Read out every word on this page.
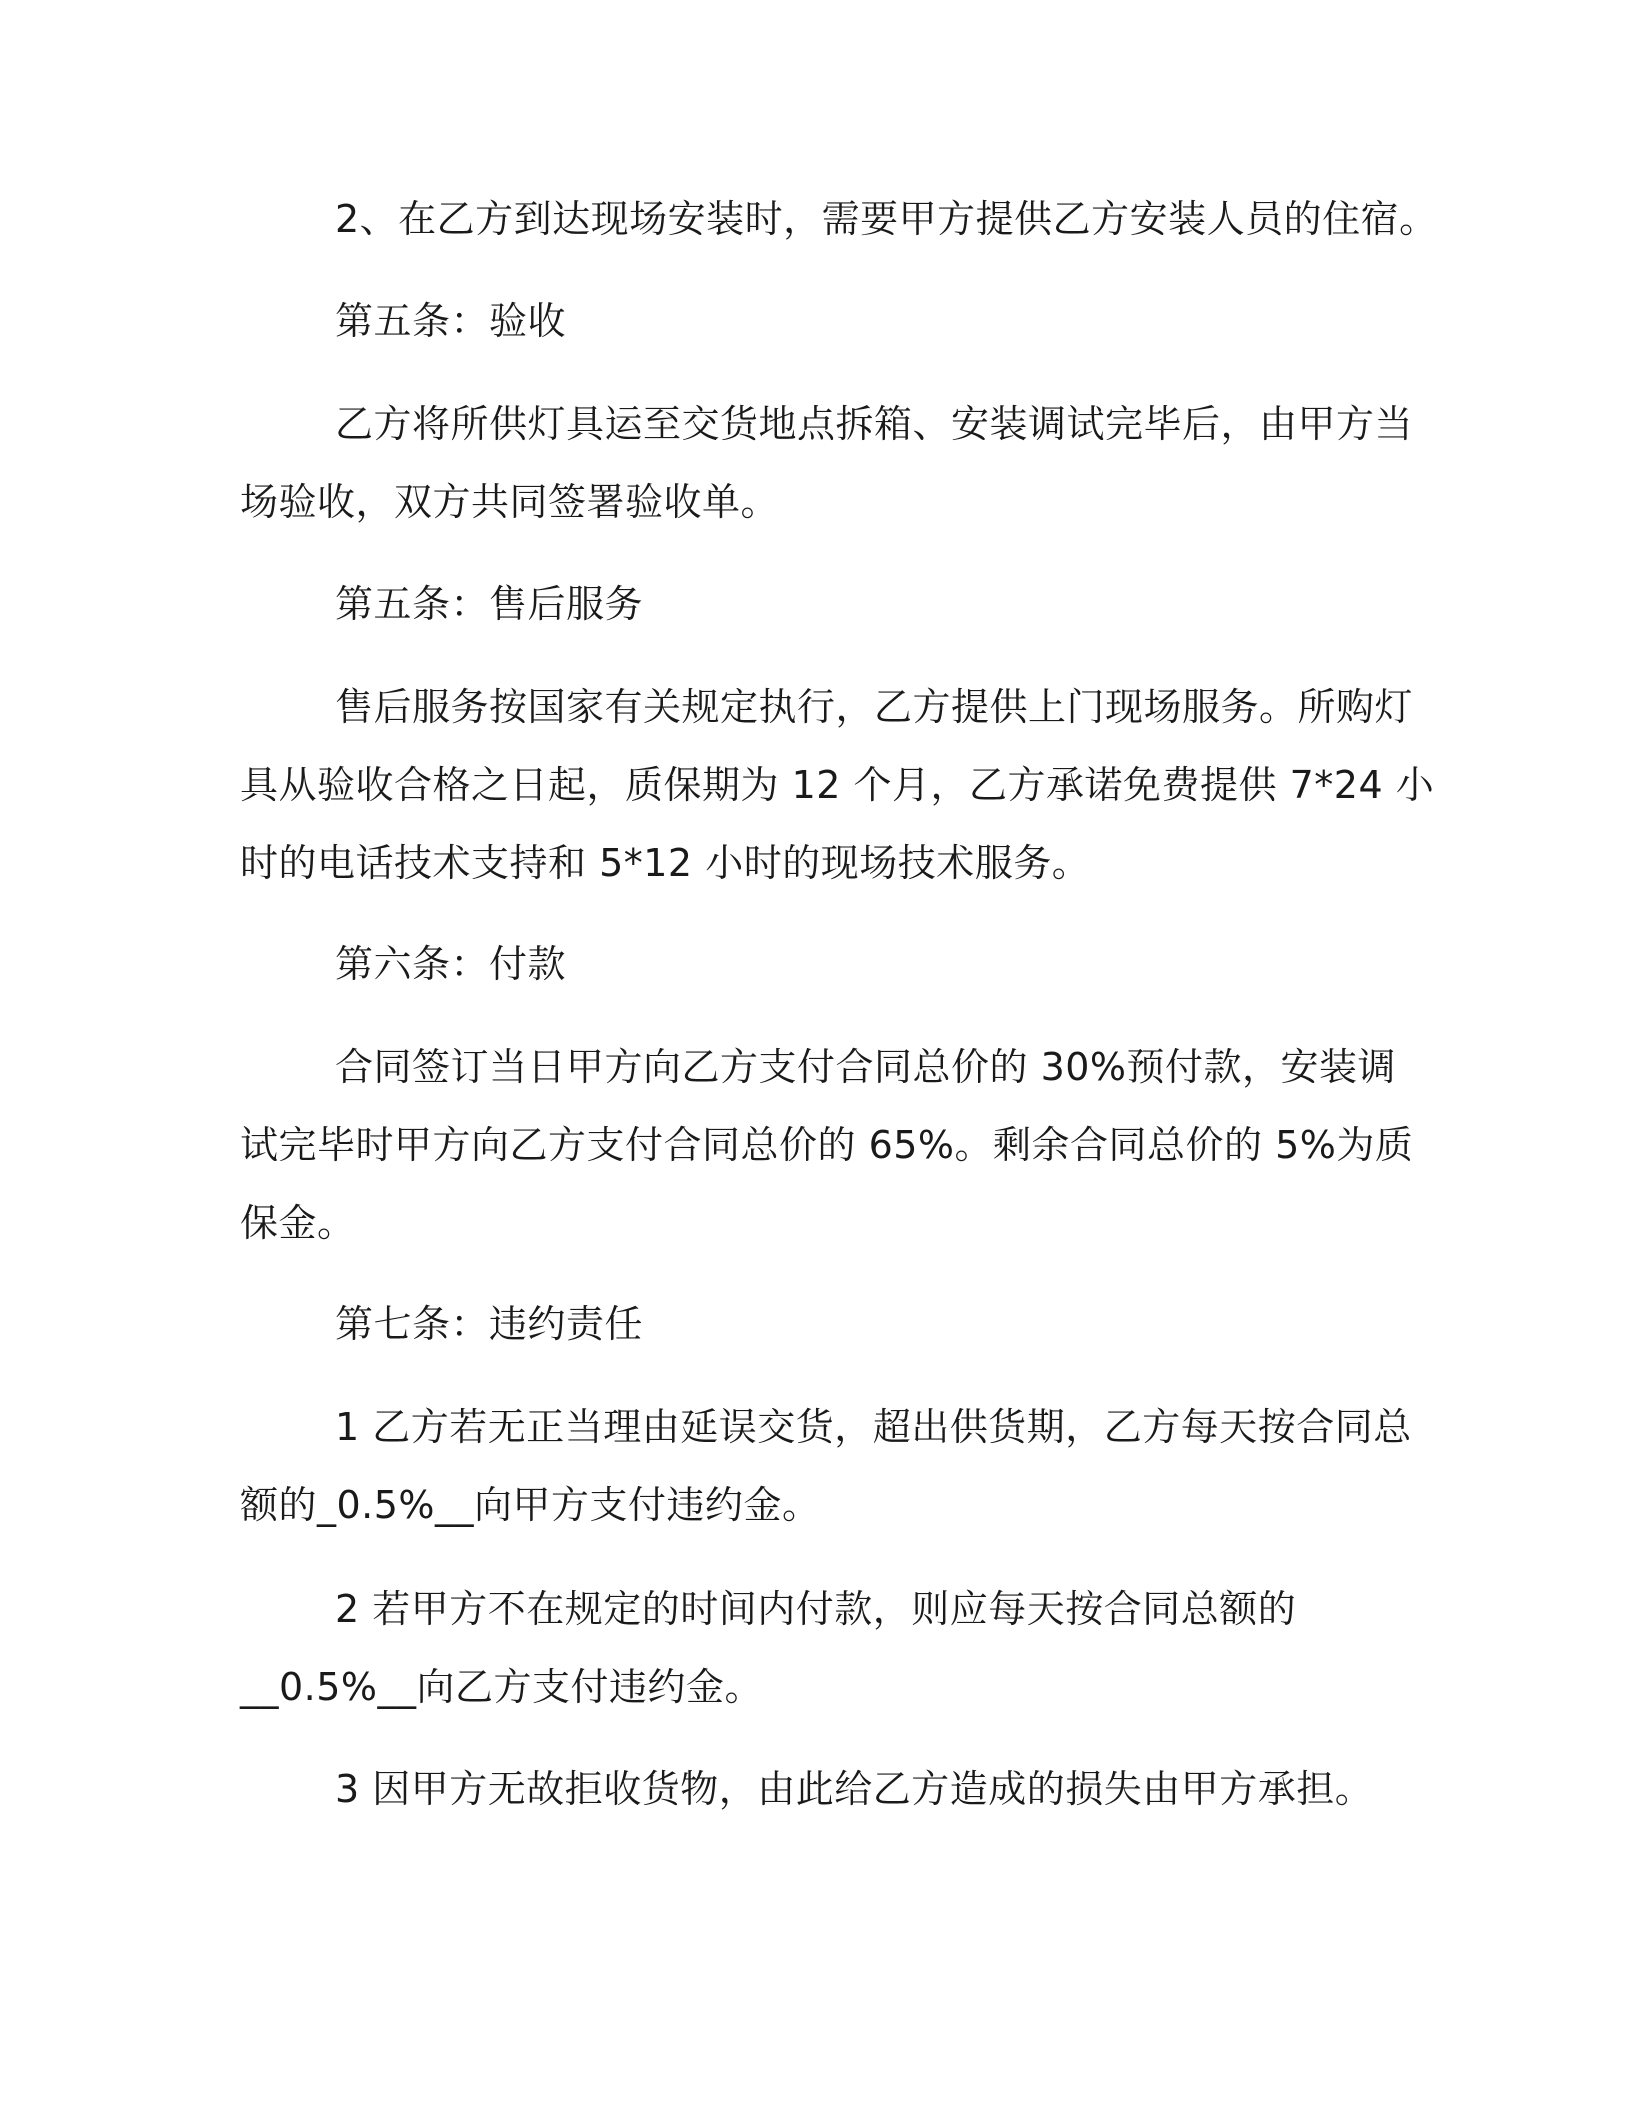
2、在乙方到达现场安装时，需要甲方提供乙方安装人员的住宿。

第五条：验收

乙方将所供灯具运至交货地点拆箱、安装调试完毕后，由甲方当
场验收，双方共同签署验收单。

第五条：售后服务

售后服务按国家有关规定执行，乙方提供上门现场服务。所购灯
具从验收合格之日起，质保期为 12 个月，乙方承诺免费提供 7*24 小
时的电话技术支持和 5*12 小时的现场技术服务。

第六条：付款

合同签订当日甲方向乙方支付合同总价的 30%预付款，安装调
试完毕时甲方向乙方支付合同总价的 65%。剩余合同总价的 5%为质
保金。

第七条：违约责任

1 乙方若无正当理由延误交货，超出供货期，乙方每天按合同总
额的_0.5%__向甲方支付违约金。

2 若甲方不在规定的时间内付款，则应每天按合同总额的
__0.5%__向乙方支付违约金。

3 因甲方无故拒收货物，由此给乙方造成的损失由甲方承担。
